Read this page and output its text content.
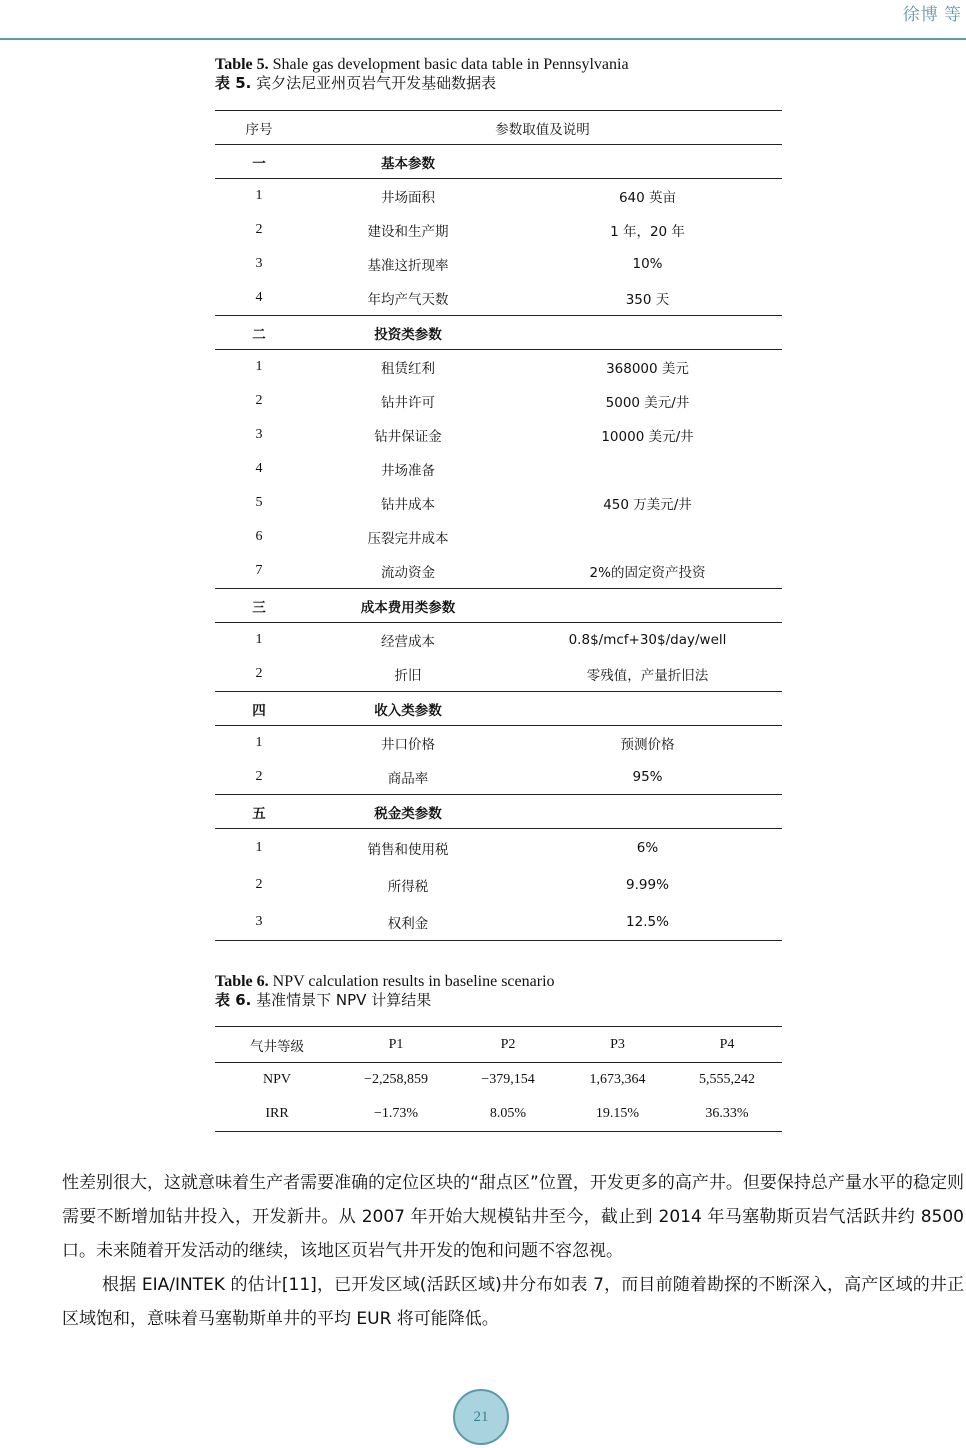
徐博 等
Table 5. Shale gas development basic data table in Pennsylvania
表 5. 宾夕法尼亚州页岩气开发基础数据表
序号	参数取值及说明	
一	基本参数	
1	井场面积	640 英亩
2	建设和生产期	1 年，20 年
3	基准这折现率	10%
4	年均产气天数	350 天
二	投资类参数	
1	租赁红利	368000 美元
2	钻井许可	5000 美元/井
3	钻井保证金	10000 美元/井
4	井场准备	
5	钻井成本	450 万美元/井
6	压裂完井成本	
7	流动资金	2%的固定资产投资
三	成本费用类参数	
1	经营成本	0.8$/mcf+30$/day/well
2	折旧	零残值，产量折旧法
四	收入类参数	
1	井口价格	预测价格
2	商品率	95%
五	税金类参数	
1	销售和使用税	6%
2	所得税	9.99%
3	权利金	12.5%
Table 6. NPV calculation results in baseline scenario
表 6. 基准情景下 NPV 计算结果
气井等级	P1	P2	P3	P4
NPV	−2,258,859	−379,154	1,673,364	5,555,242
IRR	−1.73%	8.05%	19.15%	36.33%

性差别很大，这就意味着生产者需要准确的定位区块的“甜点区”位置，开发更多的高产井。但要保持总产量水平的稳定则需要不断增加钻井投入，开发新井。从 2007 年开始大规模钻井至今，截止到 2014 年马塞勒斯页岩气活跃井约 8500 口。未来随着开发活动的继续，该地区页岩气井开发的饱和问题不容忽视。

根据 EIA/INTEK 的估计[11]，已开发区域(活跃区域)井分布如表 7，而目前随着勘探的不断深入，高产区域的井正区域饱和，意味着马塞勒斯单井的平均 EUR 将可能降低。

21
